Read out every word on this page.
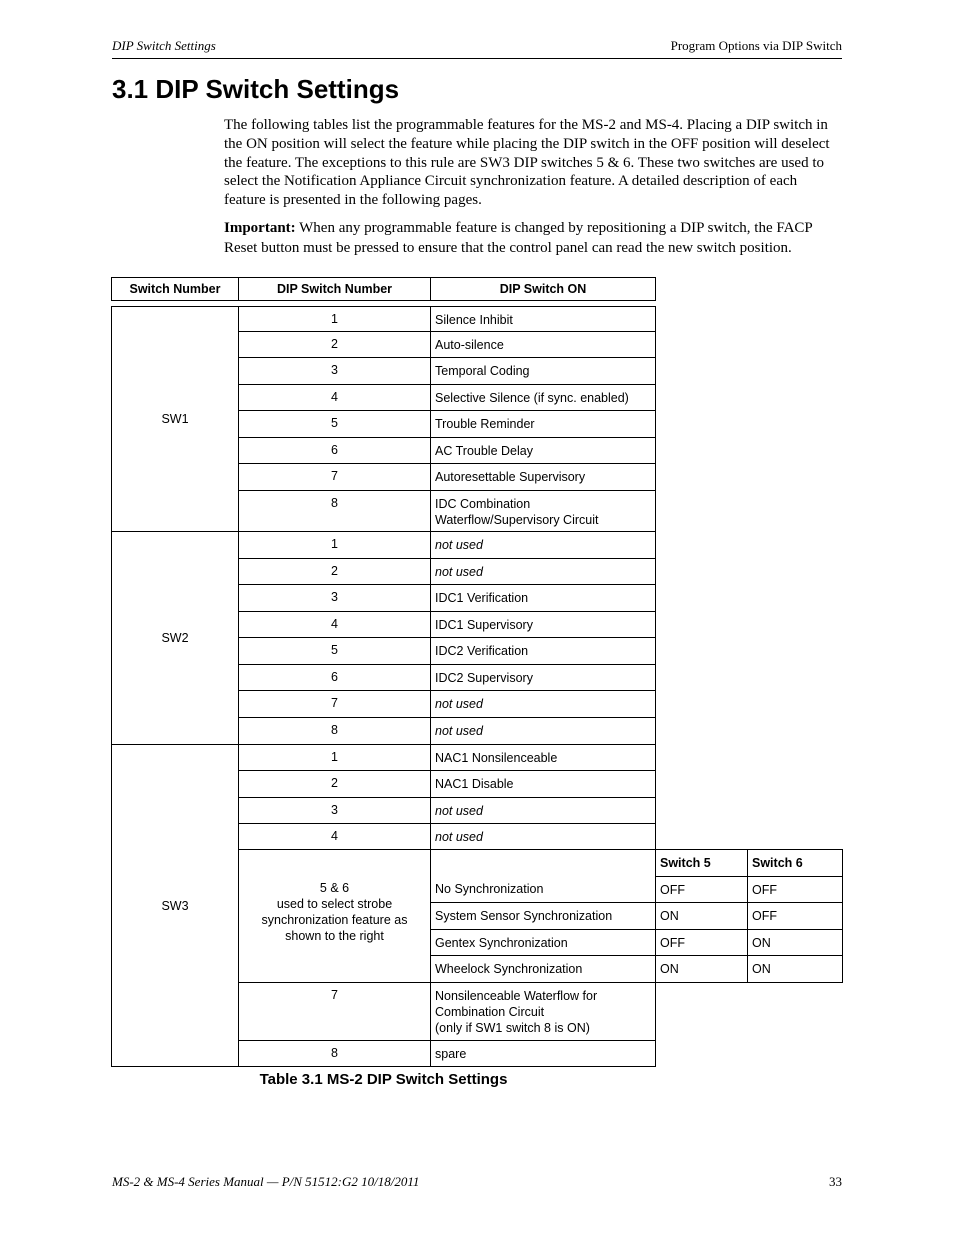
DIP Switch Settings	Program Options via DIP Switch
3.1 DIP Switch Settings

The following tables list the programmable features for the MS-2 and MS-4. Placing a DIP switch in the ON position will select the feature while placing the DIP switch in the OFF position will deselect the feature. The exceptions to this rule are SW3 DIP switches 5 & 6. These two switches are used to select the Notification Appliance Circuit synchronization feature. A detailed description of each feature is presented in the following pages.

Important: When any programmable feature is changed by repositioning a DIP switch, the FACP Reset button must be pressed to ensure that the control panel can read the new switch position.

Switch Number	DIP Switch Number	DIP Switch ON
SW1
1	Silence Inhibit
2	Auto-silence
3	Temporal Coding
4	Selective Silence (if sync. enabled)
5	Trouble Reminder
6	AC Trouble Delay
7	Autoresettable Supervisory
8	IDC Combination
Waterflow/Supervisory Circuit
SW2
1	not used
2	not used
3	IDC1 Verification
4	IDC1 Supervisory
5	IDC2 Verification
6	IDC2 Supervisory
7	not used
8	not used
SW3
1	NAC1 Nonsilenceable
2	NAC1 Disable
3	not used
4	not used
5 & 6
used to select strobe
synchronization feature as
shown to the right
Switch 5	Switch 6
No Synchronization	OFF	OFF
System Sensor Synchronization	ON	OFF
Gentex Synchronization	OFF	ON
Wheelock Synchronization	ON	ON
7	Nonsilenceable Waterflow for
Combination Circuit
(only if SW1 switch 8 is ON)
8	spare
Table 3.1 MS-2 DIP Switch Settings
MS-2 & MS-4 Series Manual — P/N 51512:G2 10/18/2011	33
